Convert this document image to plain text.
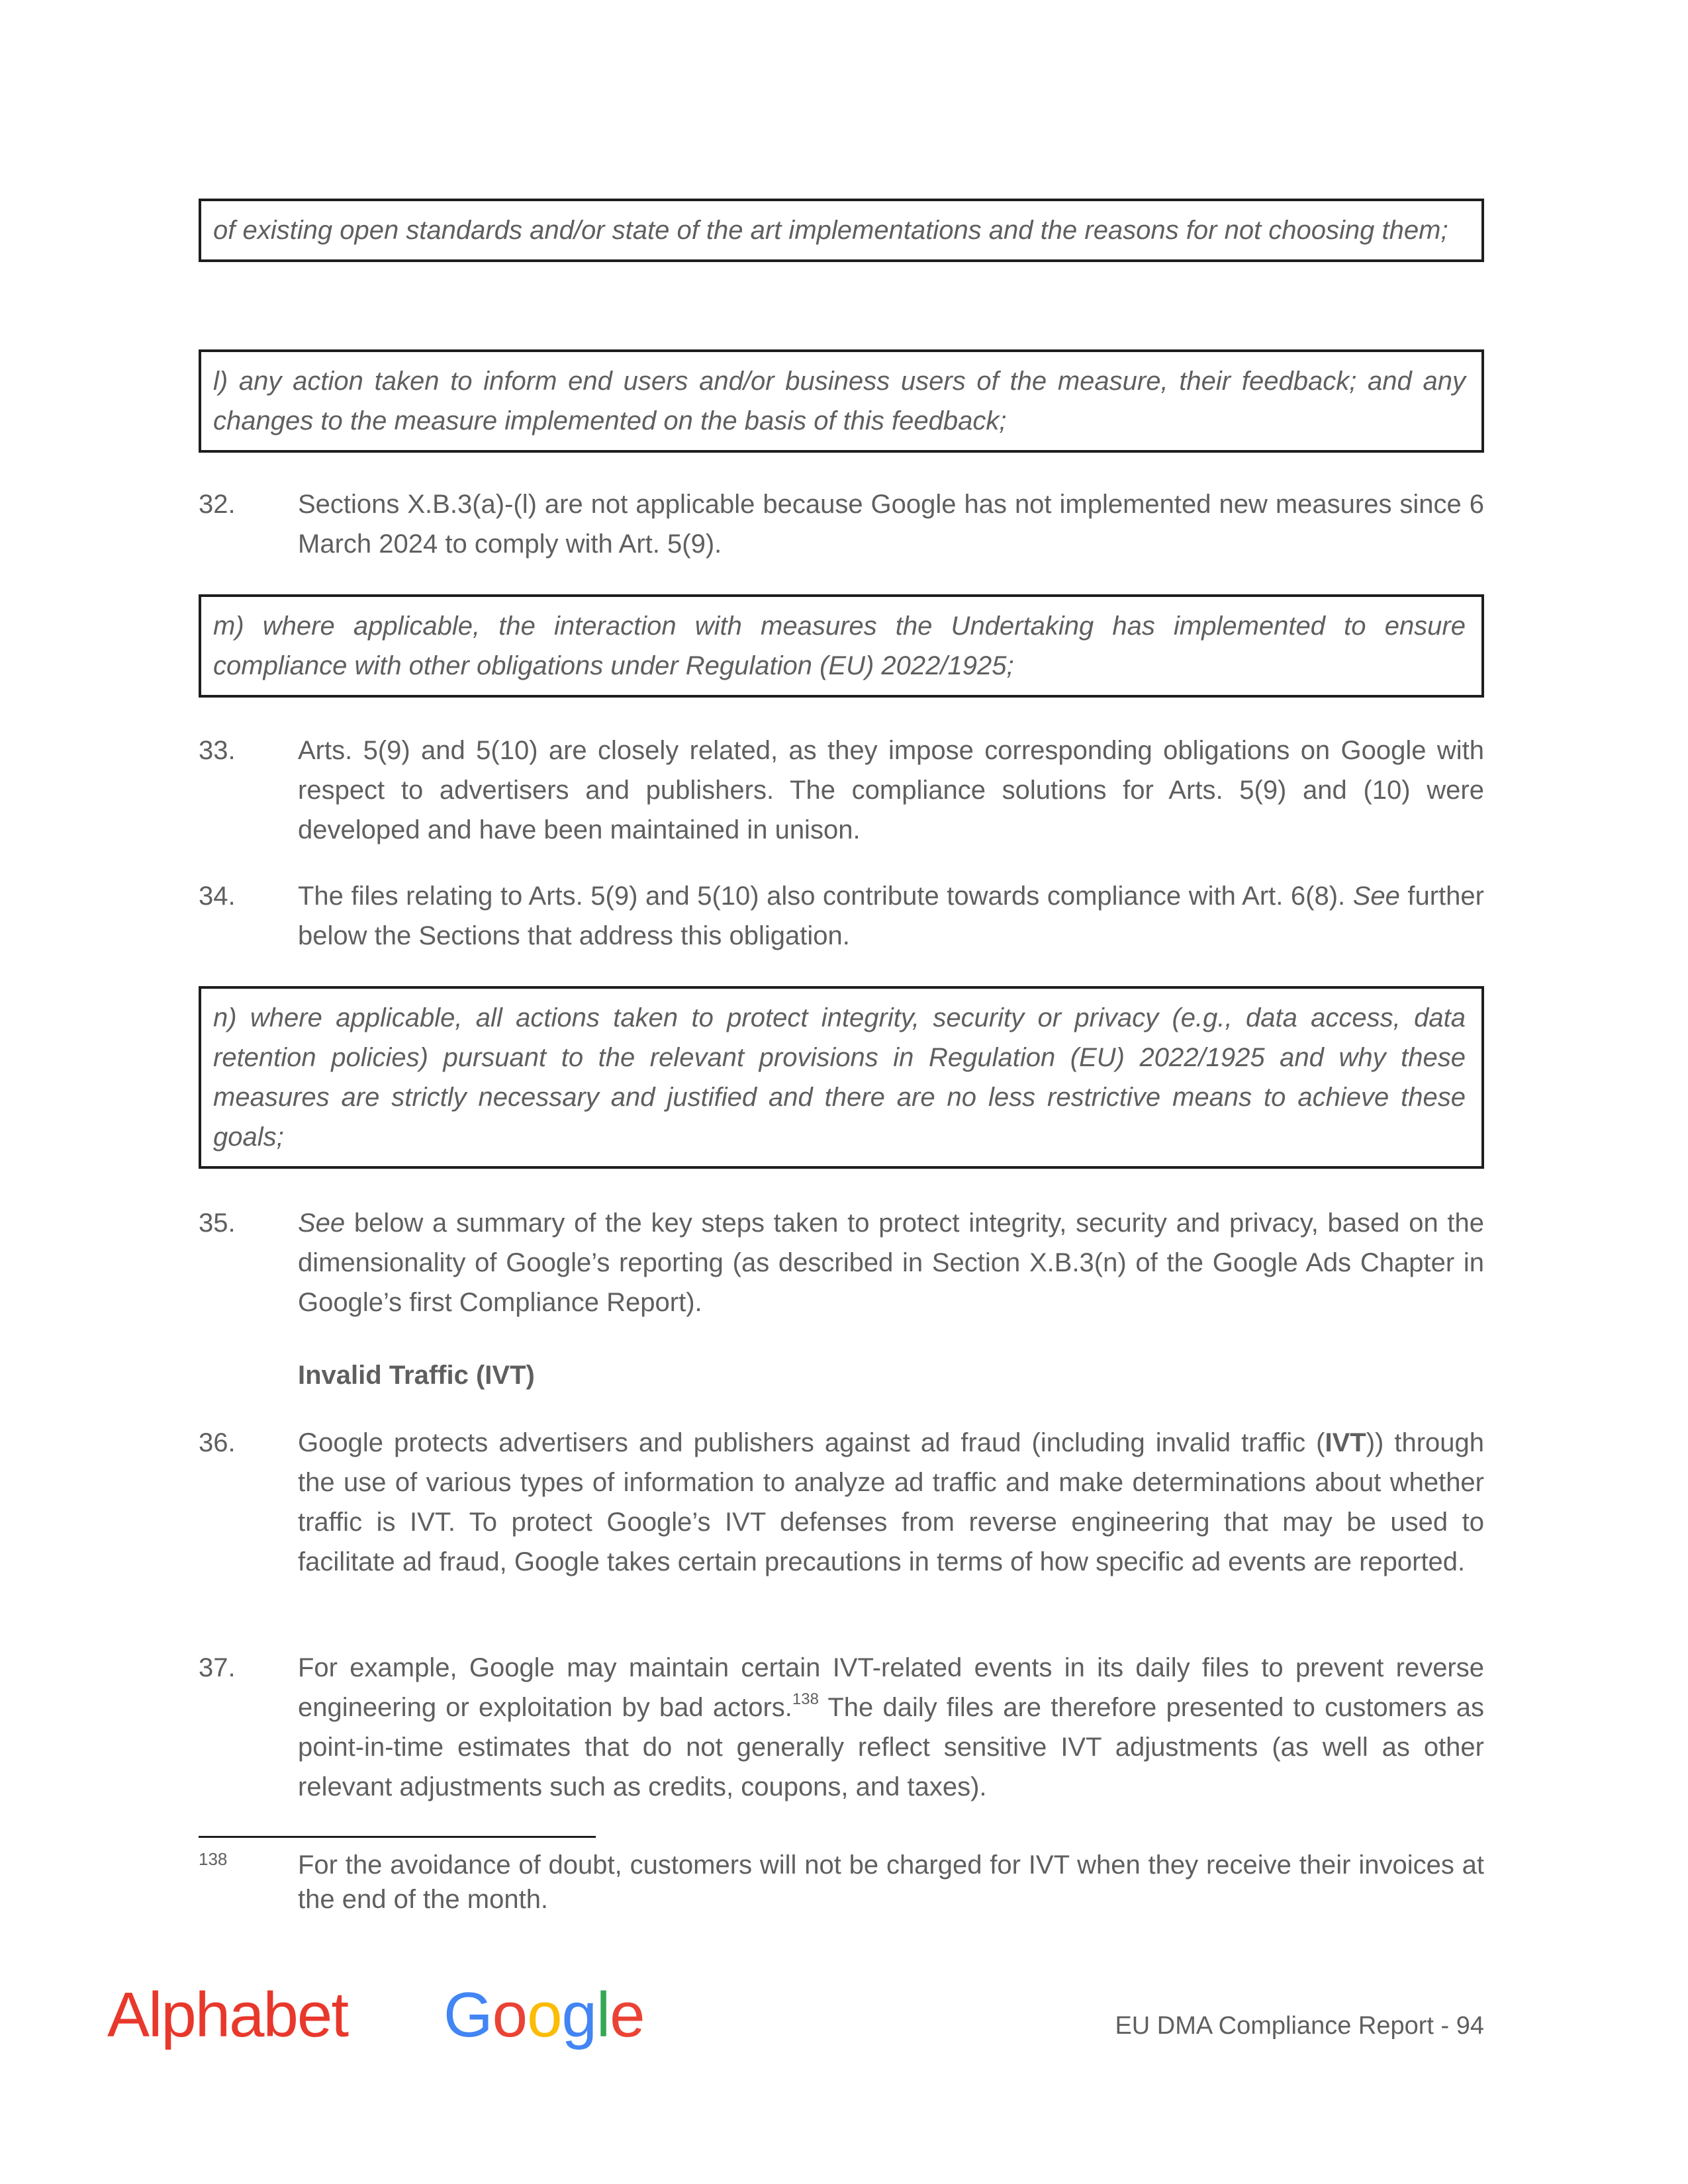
of existing open standards and/or state of the art implementations and the reasons for not choosing them;
l) any action taken to inform end users and/or business users of the measure, their feedback; and any changes to the measure implemented on the basis of this feedback;
32.	Sections X.B.3(a)-(l) are not applicable because Google has not implemented new measures since 6 March 2024 to comply with Art. 5(9).
m) where applicable, the interaction with measures the Undertaking has implemented to ensure compliance with other obligations under Regulation (EU) 2022/1925;
33.	Arts. 5(9) and 5(10) are closely related, as they impose corresponding obligations on Google with respect to advertisers and publishers. The compliance solutions for Arts. 5(9) and (10) were developed and have been maintained in unison.
34.	The files relating to Arts. 5(9) and 5(10) also contribute towards compliance with Art. 6(8). See further below the Sections that address this obligation.
n) where applicable, all actions taken to protect integrity, security or privacy (e.g., data access, data retention policies) pursuant to the relevant provisions in Regulation (EU) 2022/1925 and why these measures are strictly necessary and justified and there are no less restrictive means to achieve these goals;
35.	See below a summary of the key steps taken to protect integrity, security and privacy, based on the dimensionality of Google’s reporting (as described in Section X.B.3(n) of the Google Ads Chapter in Google’s first Compliance Report).
Invalid Traffic (IVT)
36.	Google protects advertisers and publishers against ad fraud (including invalid traffic (IVT)) through the use of various types of information to analyze ad traffic and make determinations about whether traffic is IVT. To protect Google’s IVT defenses from reverse engineering that may be used to facilitate ad fraud, Google takes certain precautions in terms of how specific ad events are reported.
37.	For example, Google may maintain certain IVT-related events in its daily files to prevent reverse engineering or exploitation by bad actors.$^{138}$ The daily files are therefore presented to customers as point-in-time estimates that do not generally reflect sensitive IVT adjustments (as well as other relevant adjustments such as credits, coupons, and taxes).
138	For the avoidance of doubt, customers will not be charged for IVT when they receive their invoices at the end of the month.
Alphabet Google	EU DMA Compliance Report - 94
